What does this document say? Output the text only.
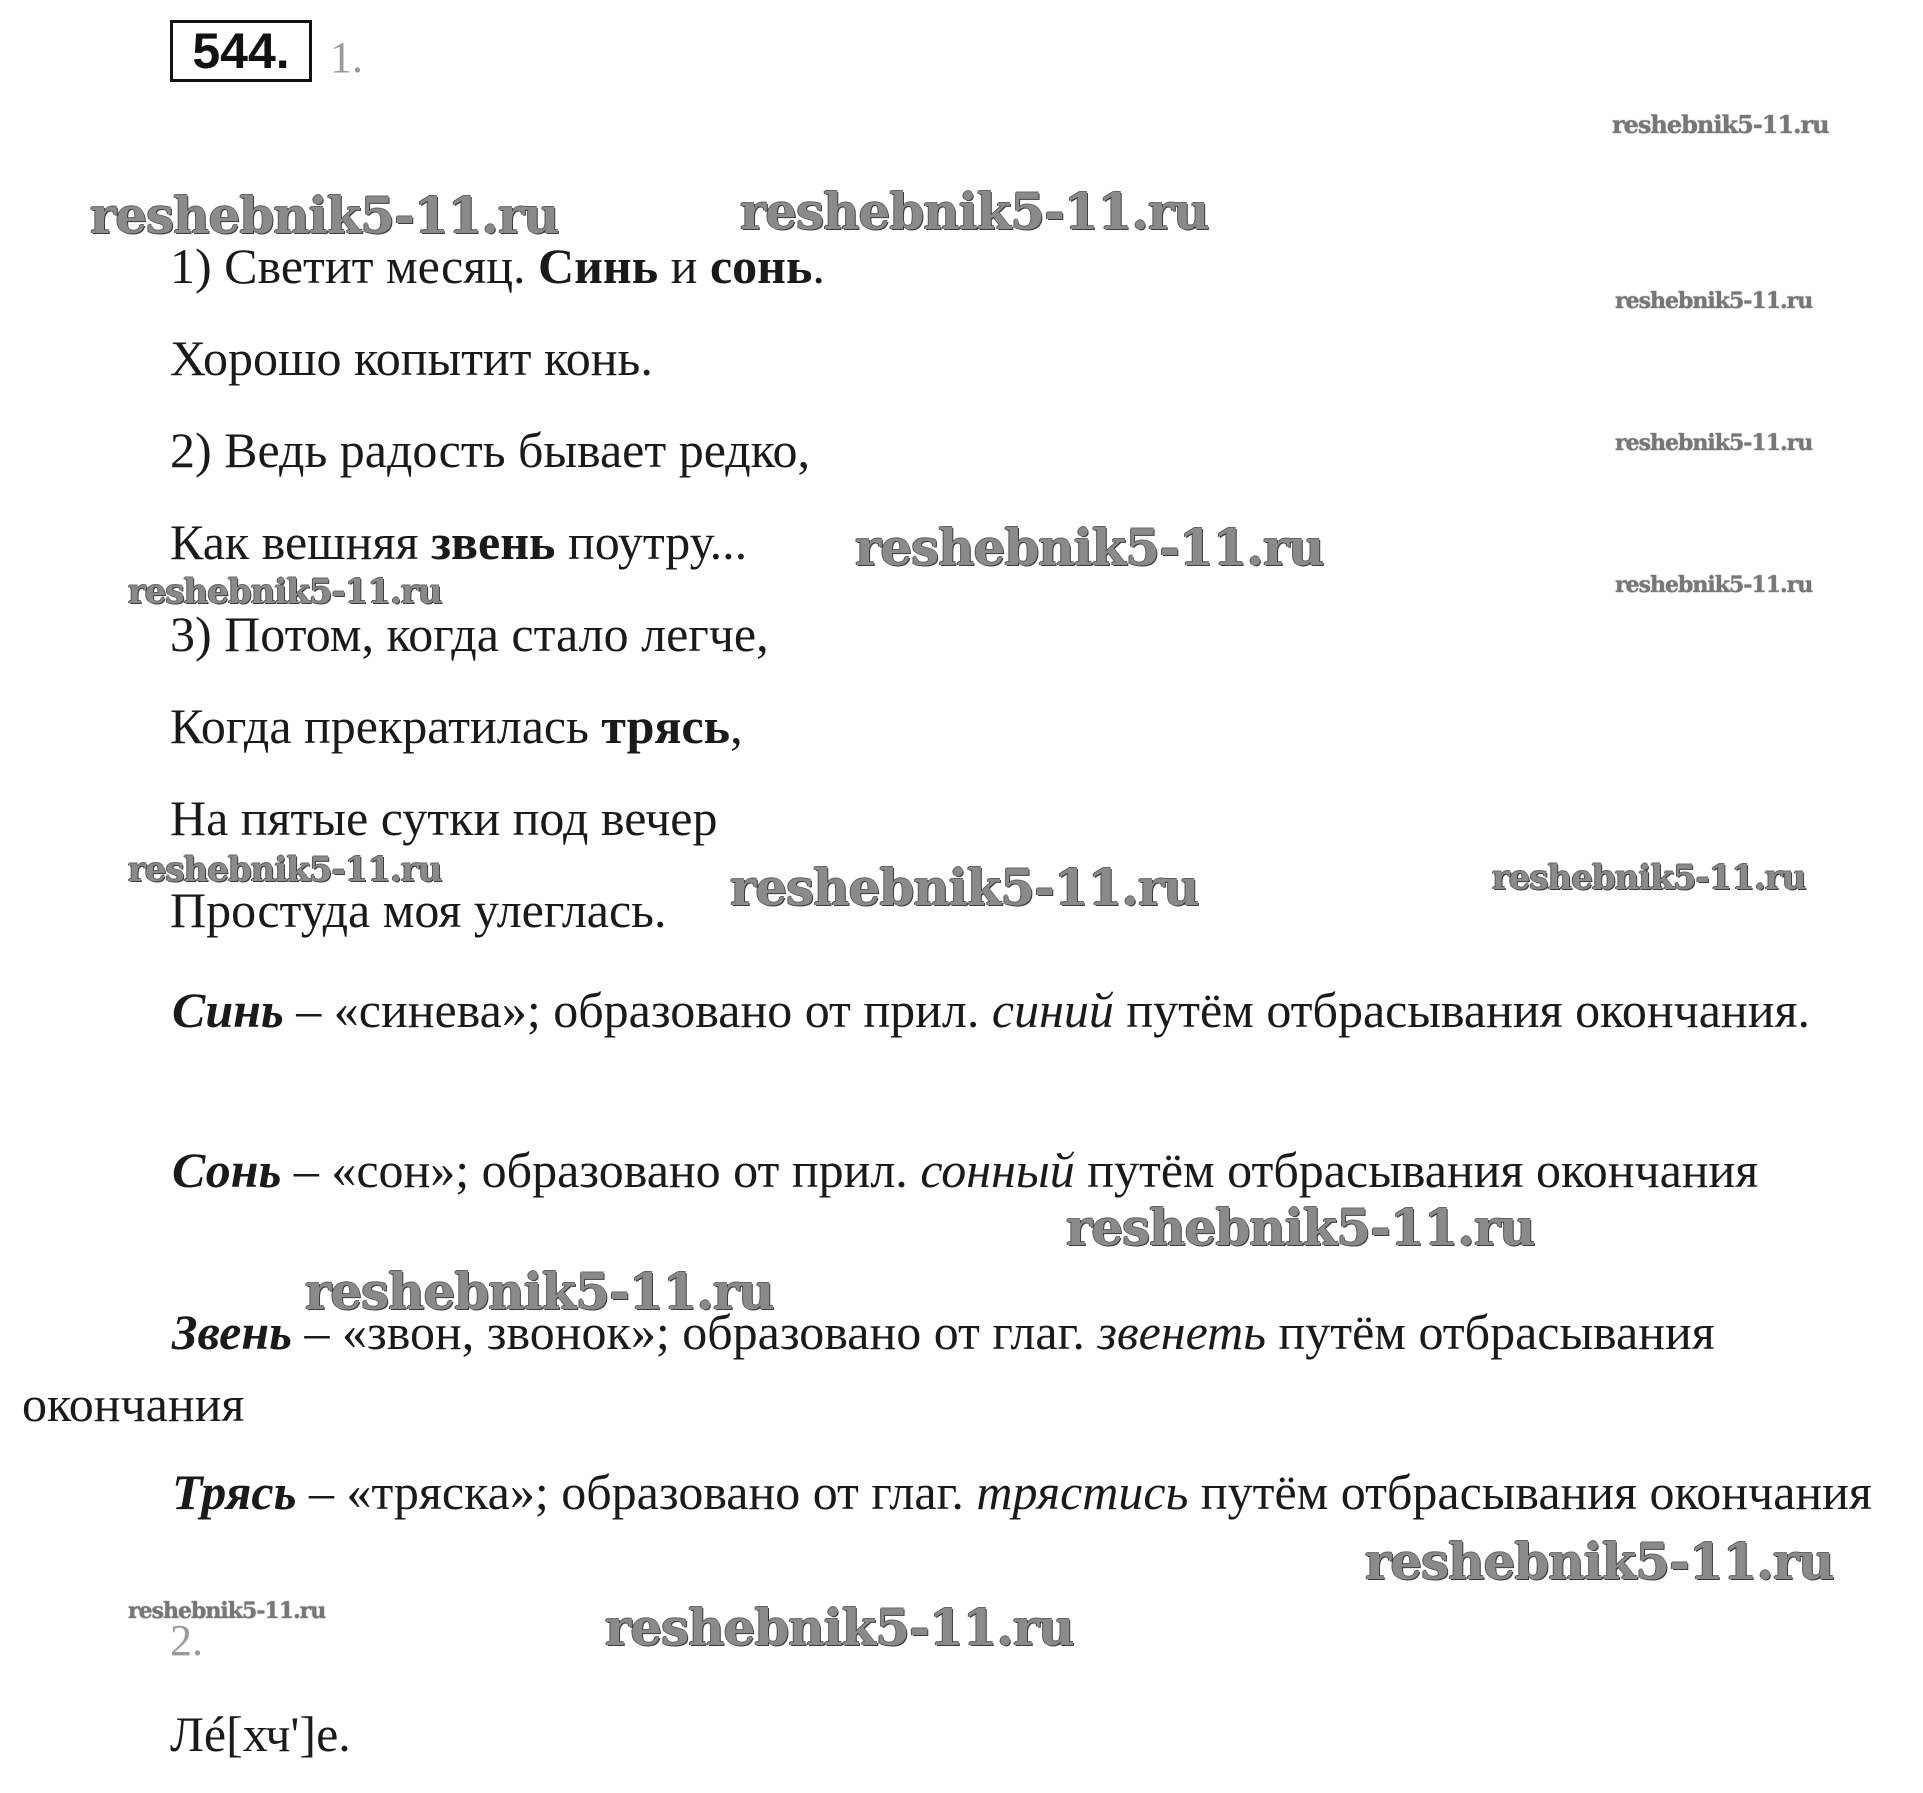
544. 1.
1) Светит месяц. Синь и сонь.
Хорошо копытит конь.
2) Ведь радость бывает редко,
Как вешняя звень поутру...
3) Потом, когда стало легче,
Когда прекратилась трясь,
На пятые сутки под вечер
Простуда моя улеглась.
Синь – «синева»; образовано от прил. синий путём отбрасывания окончания.
Сонь – «сон»; образовано от прил. сонный путём отбрасывания окончания
Звень – «звон, звонок»; образовано от глаг. звенеть путём отбрасывания окончания
Трясь – «тряска»; образовано от глаг. трястись путём отбрасывания окончания
2.
Лé[хч']е.
reshebnik5-11.ru
reshebnik5-11.ru	reshebnik5-11.ru
reshebnik5-11.ru
reshebnik5-11.ru
reshebnik5-11.ru
reshebnik5-11.ru	reshebnik5-11.ru
reshebnik5-11.ru	reshebnik5-11.ru	reshebnik5-11.ru
reshebnik5-11.ru
reshebnik5-11.ru
reshebnik5-11.ru
reshebnik5-11.ru	reshebnik5-11.ru
